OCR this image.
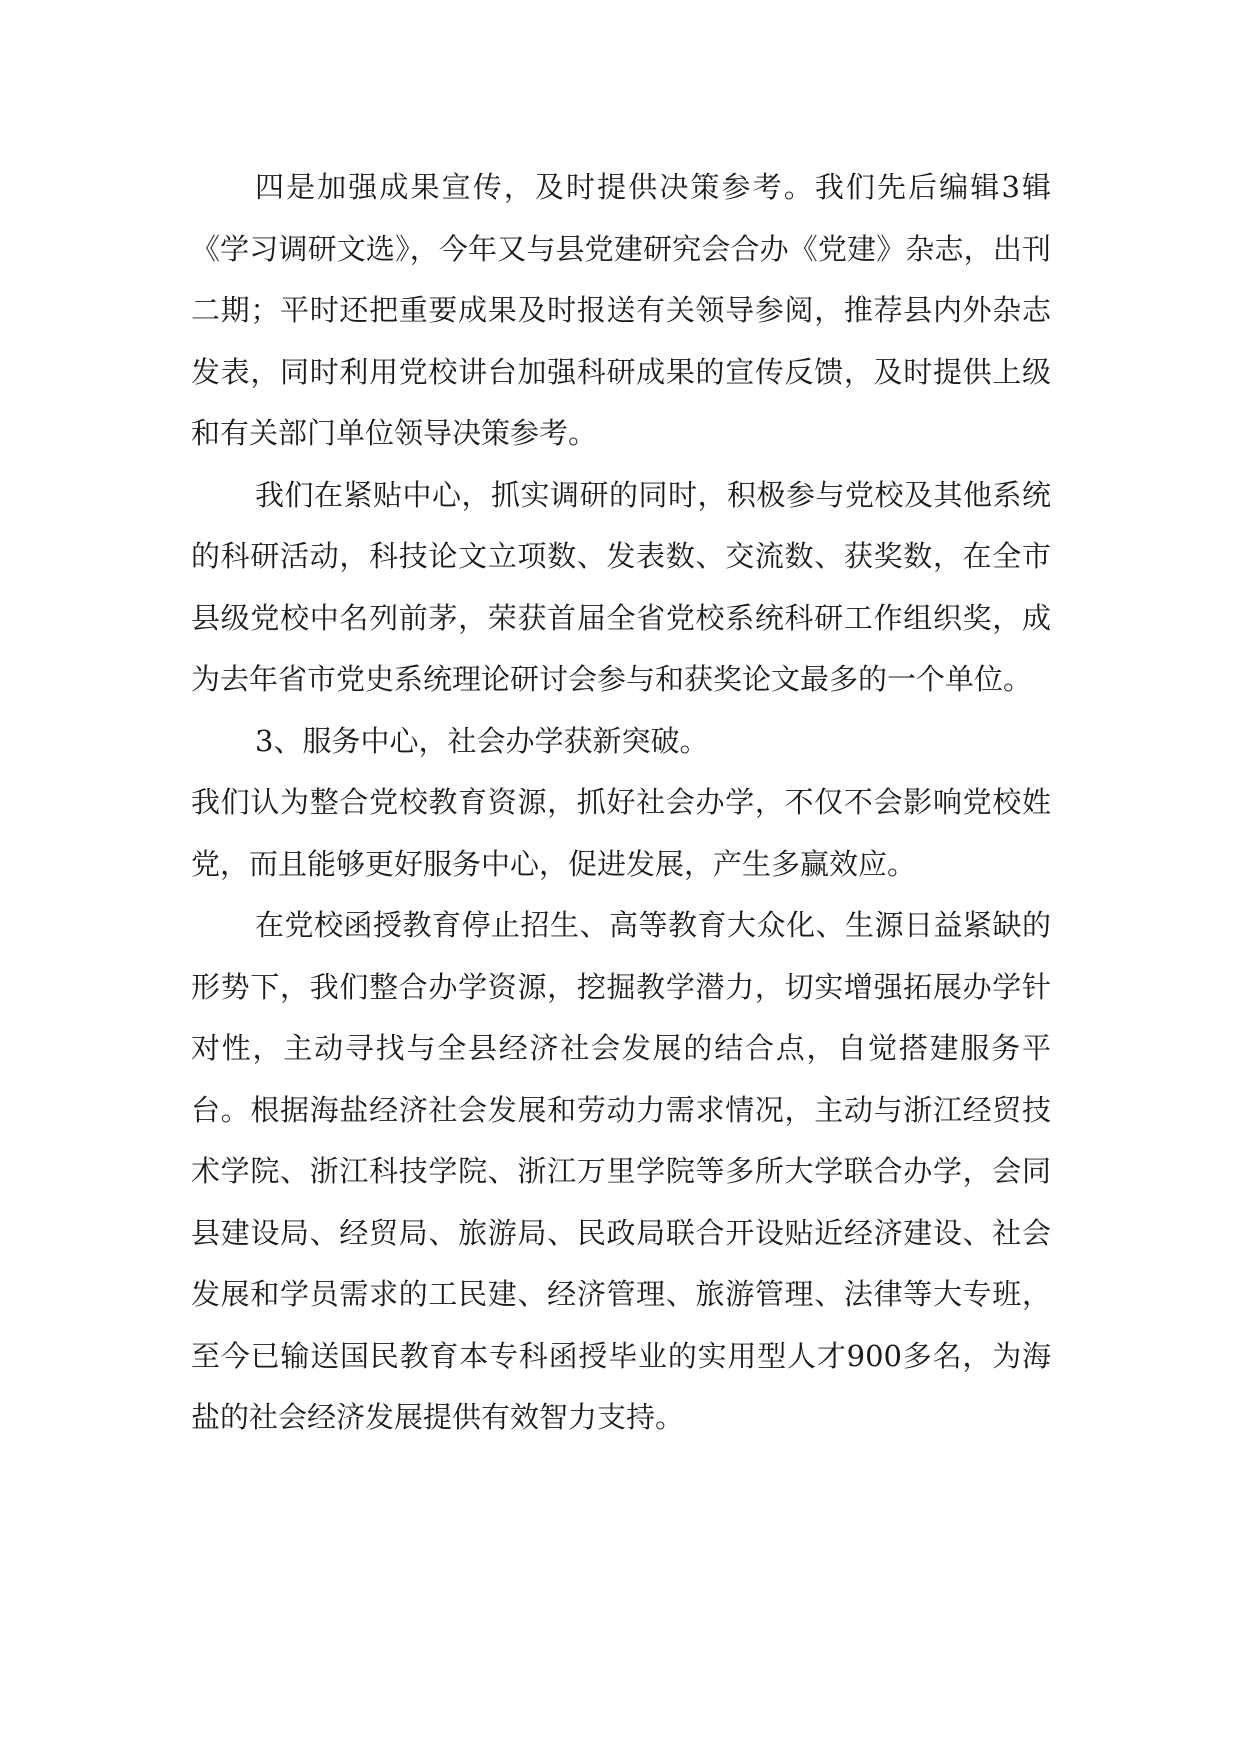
四是加强成果宣传，及时提供决策参考。我们先后编辑3辑《学习调研文选》，今年又与县党建研究会合办《党建》杂志，出刊二期；平时还把重要成果及时报送有关领导参阅，推荐县内外杂志发表，同时利用党校讲台加强科研成果的宣传反馈，及时提供上级和有关部门单位领导决策参考。

我们在紧贴中心，抓实调研的同时，积极参与党校及其他系统的科研活动，科技论文立项数、发表数、交流数、获奖数，在全市县级党校中名列前茅，荣获首届全省党校系统科研工作组织奖，成为去年省市党史系统理论研讨会参与和获奖论文最多的一个单位。

3、服务中心，社会办学获新突破。

我们认为整合党校教育资源，抓好社会办学，不仅不会影响党校姓党，而且能够更好服务中心，促进发展，产生多赢效应。

在党校函授教育停止招生、高等教育大众化、生源日益紧缺的形势下，我们整合办学资源，挖掘教学潜力，切实增强拓展办学针对性，主动寻找与全县经济社会发展的结合点，自觉搭建服务平台。根据海盐经济社会发展和劳动力需求情况，主动与浙江经贸技术学院、浙江科技学院、浙江万里学院等多所大学联合办学，会同县建设局、经贸局、旅游局、民政局联合开设贴近经济建设、社会发展和学员需求的工民建、经济管理、旅游管理、法律等大专班，至今已输送国民教育本专科函授毕业的实用型人才900多名，为海盐的社会经济发展提供有效智力支持。
